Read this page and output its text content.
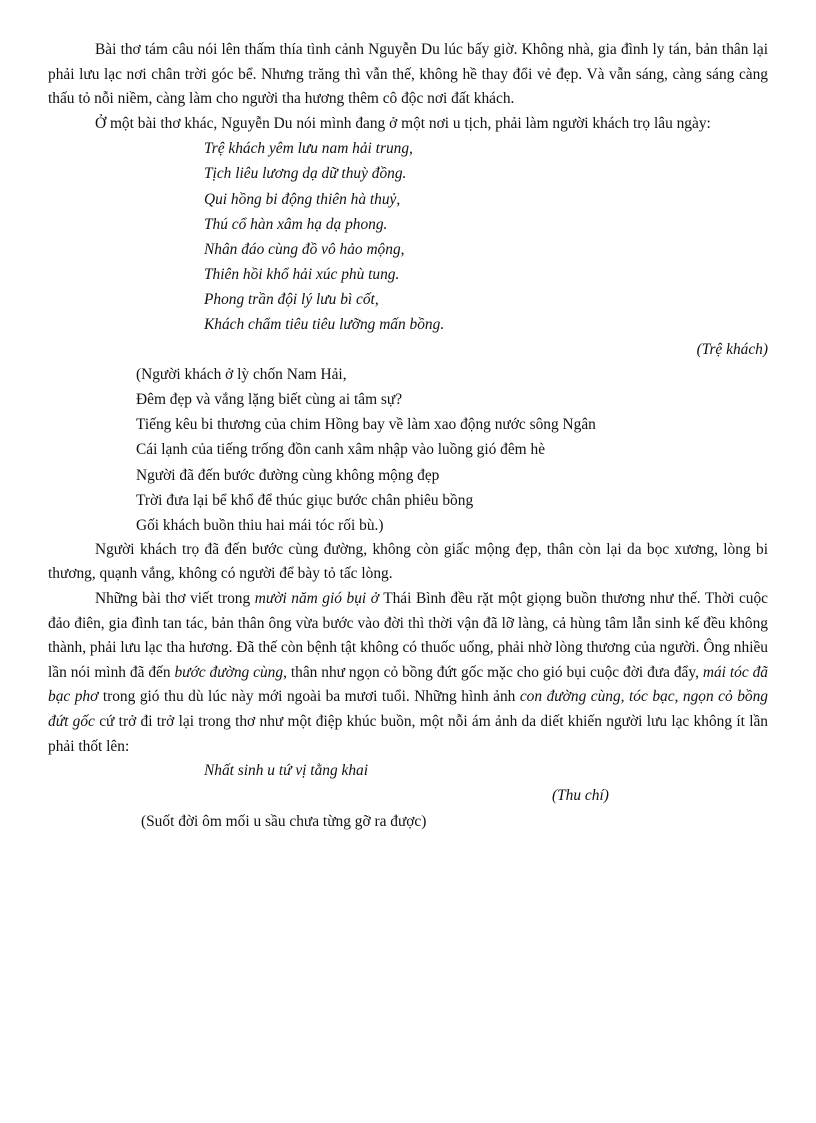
Bài thơ tám câu nói lên thấm thía tình cảnh Nguyễn Du lúc bấy giờ. Không nhà, gia đình ly tán, bản thân lại phải lưu lạc nơi chân trời góc bể. Nhưng trăng thì vẫn thế, không hề thay đổi vẻ đẹp. Và vẫn sáng, càng sáng càng thấu tỏ nỗi niềm, càng làm cho người tha hương thêm cô độc nơi đất khách.

Ở một bài thơ khác, Nguyễn Du nói mình đang ở một nơi u tịch, phải làm người khách trọ lâu ngày:

Trệ khách yêm lưu nam hải trung,
Tịch liêu lương dạ dữ thuỳ đồng.
Qui hồng bi động thiên hà thuỷ,
Thú cổ hàn xâm hạ dạ phong.
Nhân đáo cùng đồ vô hảo mộng,
Thiên hồi khổ hải xúc phù tung.
Phong trần đội lý lưu bì cốt,
Khách chẩm tiêu tiêu lưỡng mấn bồng.

(Trệ khách)

(Người khách ở lỳ chốn Nam Hải,
Đêm đẹp và vắng lặng biết cùng ai tâm sự?
Tiếng kêu bi thương của chim Hồng bay về làm xao động nước sông Ngân
Cái lạnh của tiếng trống đồn canh xâm nhập vào luồng gió đêm hè
Người đã đến bước đường cùng không mộng đẹp
Trời đưa lại bể khổ để thúc giục bước chân phiêu bồng
Gối khách buồn thiu hai mái tóc rối bù.)

Người khách trọ đã đến bước cùng đường, không còn giấc mộng đẹp, thân còn lại da bọc xương, lòng bi thương, quạnh vắng, không có người để bày tỏ tấc lòng.

Những bài thơ viết trong mười năm gió bụi ở Thái Bình đều rặt một giọng buồn thương như thế. Thời cuộc đảo điên, gia đình tan tác, bản thân ông vừa bước vào đời thì thời vận đã lỡ làng, cả hùng tâm lẫn sinh kế đều không thành, phải lưu lạc tha hương. Đã thế còn bệnh tật không có thuốc uống, phải nhờ lòng thương của người. Ông nhiều lần nói mình đã đến bước đường cùng, thân như ngọn cỏ bồng đứt gốc mặc cho gió bụi cuộc đời đưa đẩy, mái tóc đã bạc phơ trong gió thu dù lúc này mới ngoài ba mươi tuổi. Những hình ảnh con đường cùng, tóc bạc, ngọn cỏ bồng đứt gốc cứ trở đi trở lại trong thơ như một điệp khúc buồn, một nỗi ám ảnh da diết khiến người lưu lạc không ít lần phải thốt lên:

Nhất sinh u tứ vị tằng khai

(Thu chí)

(Suốt đời ôm mối u sầu chưa từng gỡ ra được)
